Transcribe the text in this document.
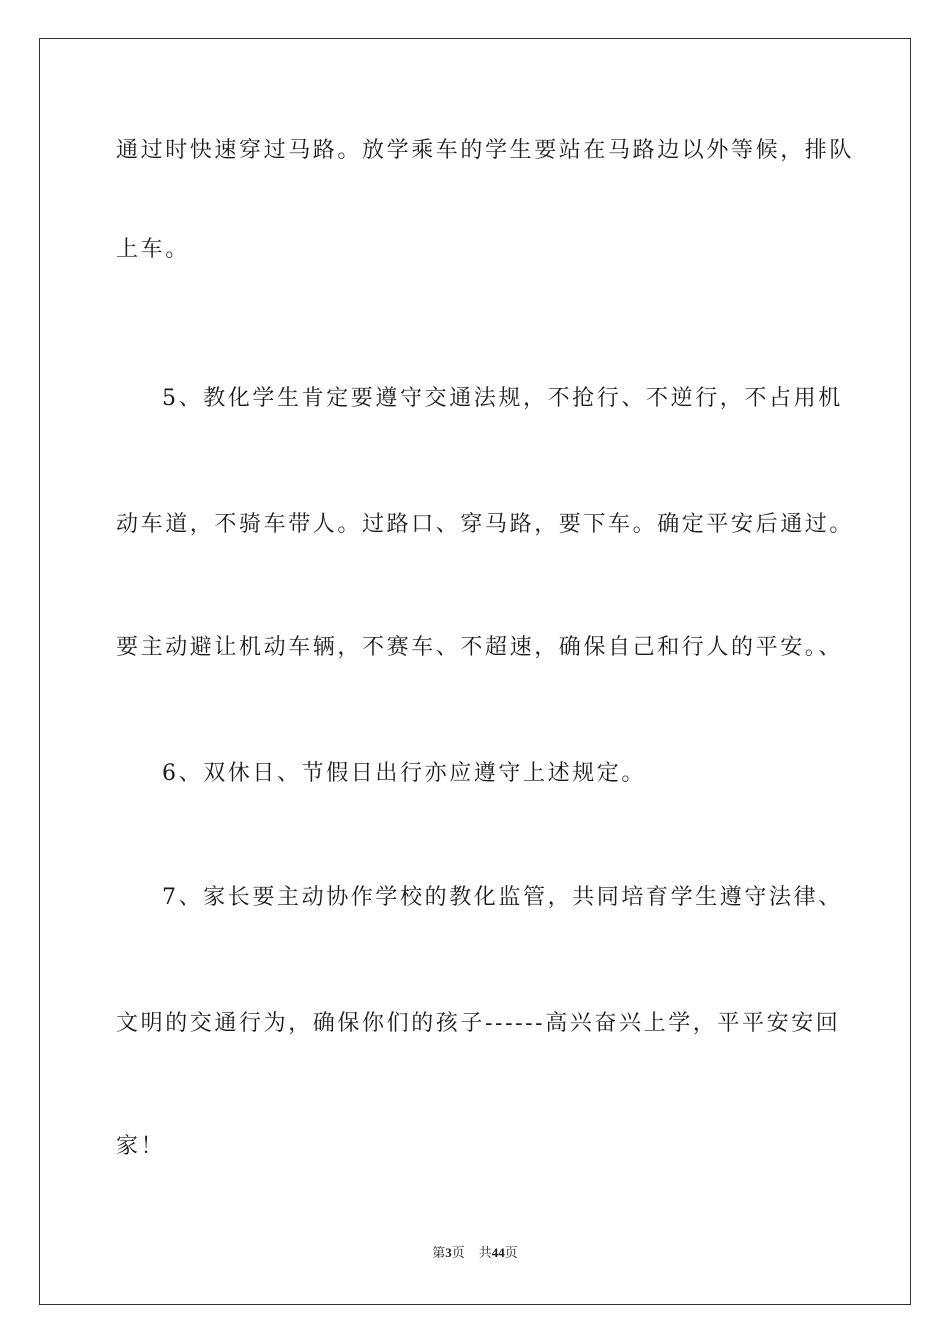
通过时快速穿过马路。放学乘车的学生要站在马路边以外等候，排队
上车。
5、教化学生肯定要遵守交通法规，不抢行、不逆行，不占用机
动车道，不骑车带人。过路口、穿马路，要下车。确定平安后通过。
要主动避让机动车辆，不赛车、不超速，确保自己和行人的平安。、
6、双休日、节假日出行亦应遵守上述规定。
7、家长要主动协作学校的教化监管，共同培育学生遵守法律、
文明的交通行为，确保你们的孩子------高兴奋兴上学，平平安安回
家！
第3页 共44页
